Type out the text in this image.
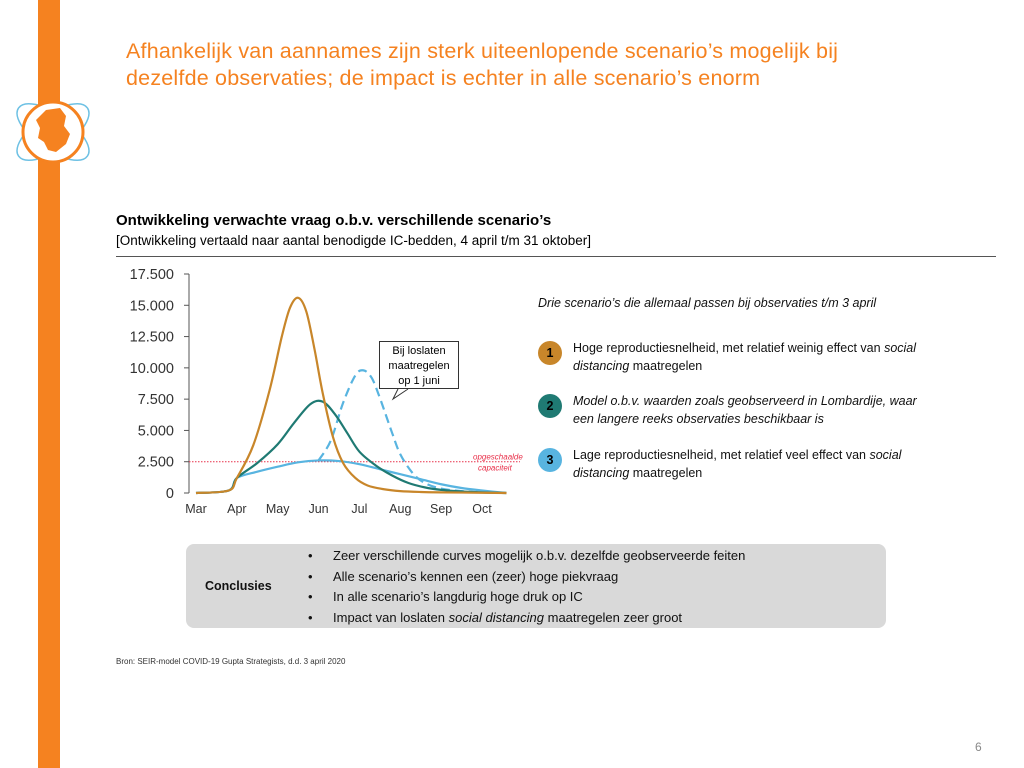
Afhankelijk van aannames zijn sterk uiteenlopende scenario’s mogelijk bij
dezelfde observaties; de impact is echter in alle scenario’s enorm
Ontwikkeling verwachte vraag o.b.v. verschillende scenario’s
[Ontwikkeling vertaald naar aantal benodigde IC-bedden, 4 april t/m 31 oktober]
0
2.500
5.000
7.500
10.000
12.500
15.000
17.500
Mar Apr May Jun Jul Aug Sep Oct
opgeschaalde
capaciteit
Bij loslaten
maatregelen
op 1 juni
Drie scenario’s die allemaal passen bij observaties t/m 3 april
1	Hoge reproductiesnelheid, met relatief weinig effect van social
distancing maatregelen
2	Model o.b.v. waarden zoals geobserveerd in Lombardije, waar
een langere reeks observaties beschikbaar is
3	Lage reproductiesnelheid, met relatief veel effect van social
distancing maatregelen
Conclusies
• Zeer verschillende curves mogelijk o.b.v. dezelfde geobserveerde feiten
• Alle scenario’s kennen een (zeer) hoge piekvraag
• In alle scenario’s langdurig hoge druk op IC
• Impact van loslaten social distancing maatregelen zeer groot
Bron: SEIR-model COVID-19 Gupta Strategists, d.d. 3 april 2020
6
